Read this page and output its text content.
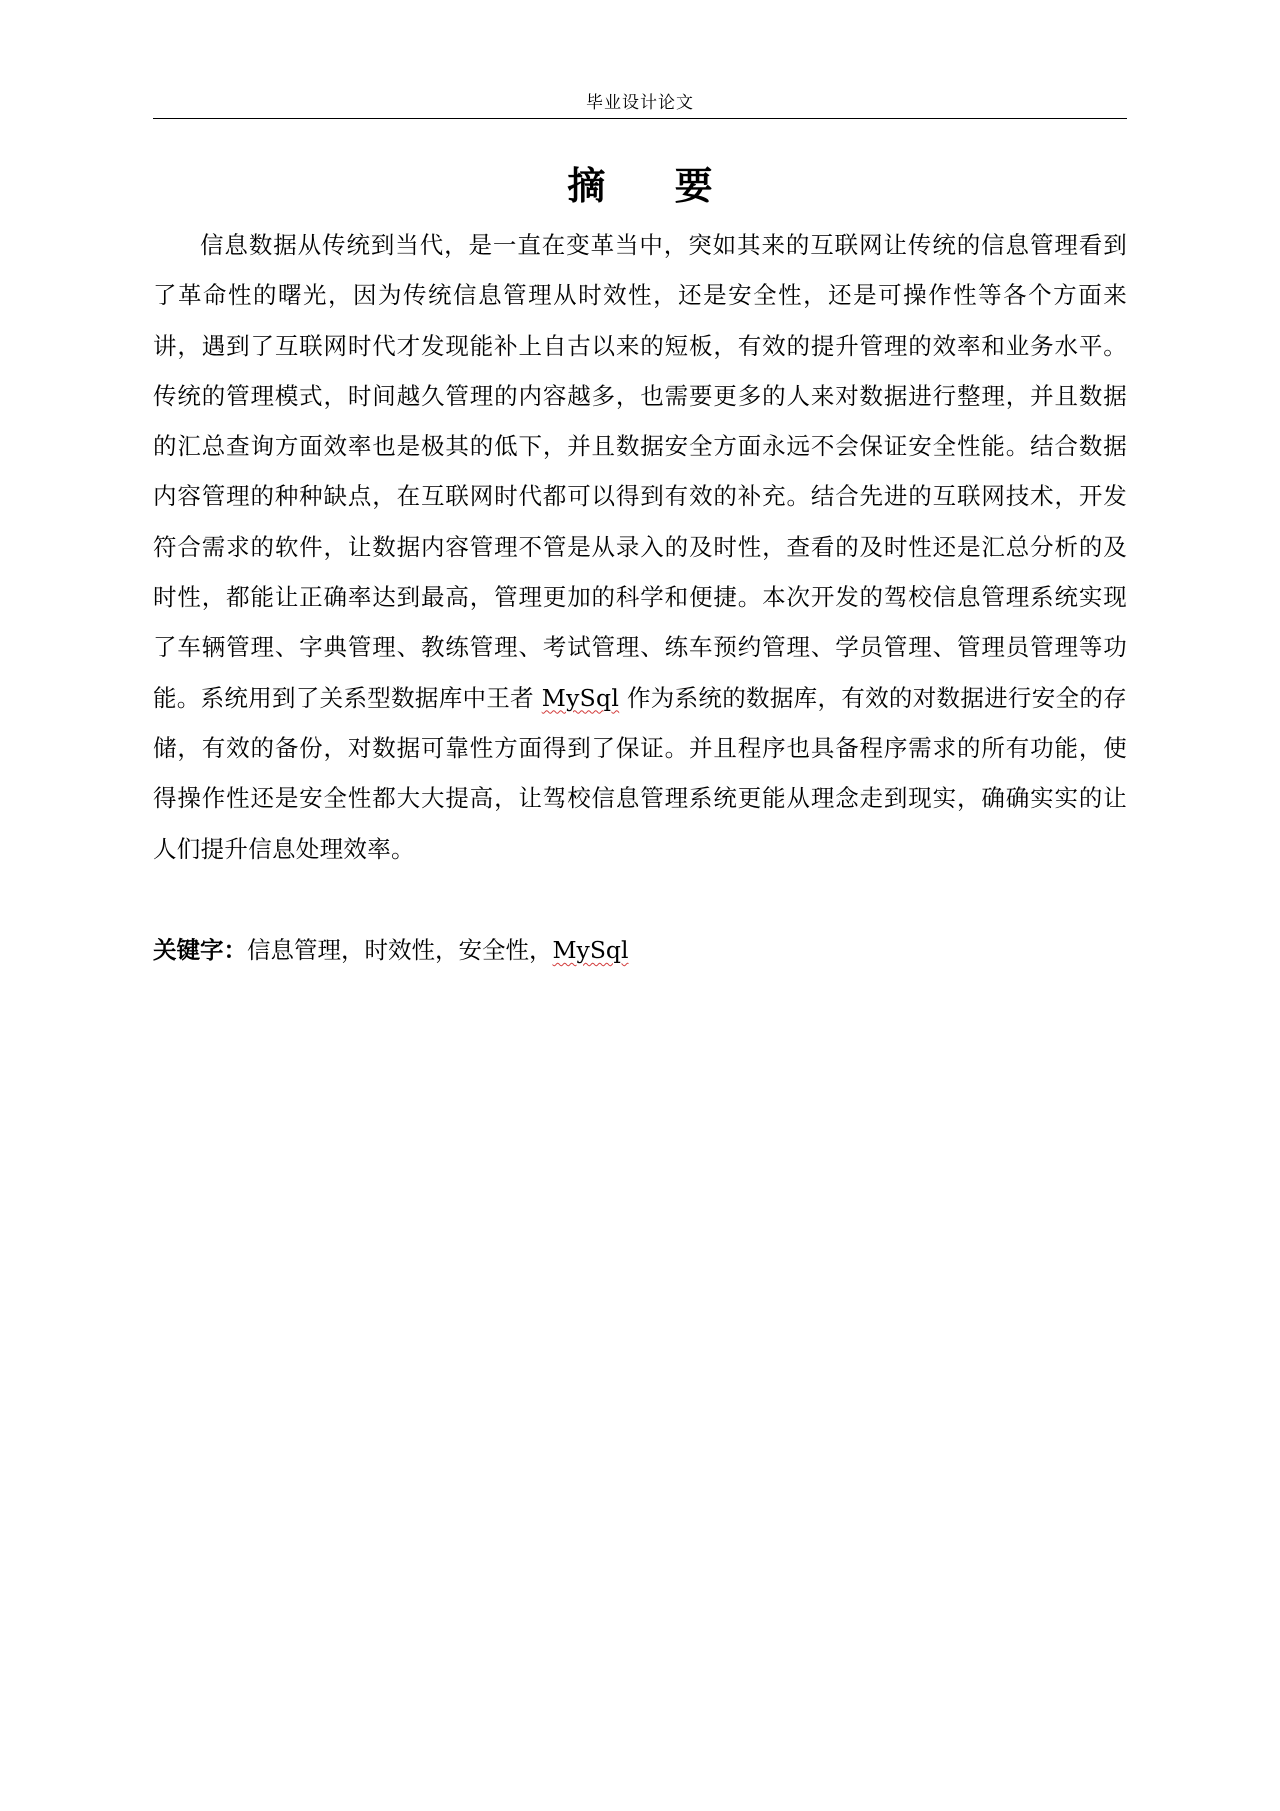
毕业设计论文
摘 要

信息数据从传统到当代，是一直在变革当中，突如其来的互联网让传统的信息管理看到了革命性的曙光，因为传统信息管理从时效性，还是安全性，还是可操作性等各个方面来讲，遇到了互联网时代才发现能补上自古以来的短板，有效的提升管理的效率和业务水平。传统的管理模式，时间越久管理的内容越多，也需要更多的人来对数据进行整理，并且数据的汇总查询方面效率也是极其的低下，并且数据安全方面永远不会保证安全性能。结合数据内容管理的种种缺点，在互联网时代都可以得到有效的补充。结合先进的互联网技术，开发符合需求的软件，让数据内容管理不管是从录入的及时性，查看的及时性还是汇总分析的及时性，都能让正确率达到最高，管理更加的科学和便捷。本次开发的驾校信息管理系统实现了车辆管理、字典管理、教练管理、考试管理、练车预约管理、学员管理、管理员管理等功能。系统用到了关系型数据库中王者 MySql 作为系统的数据库，有效的对数据进行安全的存储，有效的备份，对数据可靠性方面得到了保证。并且程序也具备程序需求的所有功能，使得操作性还是安全性都大大提高，让驾校信息管理系统更能从理念走到现实，确确实实的让人们提升信息处理效率。

关键字：信息管理，时效性，安全性，MySql
